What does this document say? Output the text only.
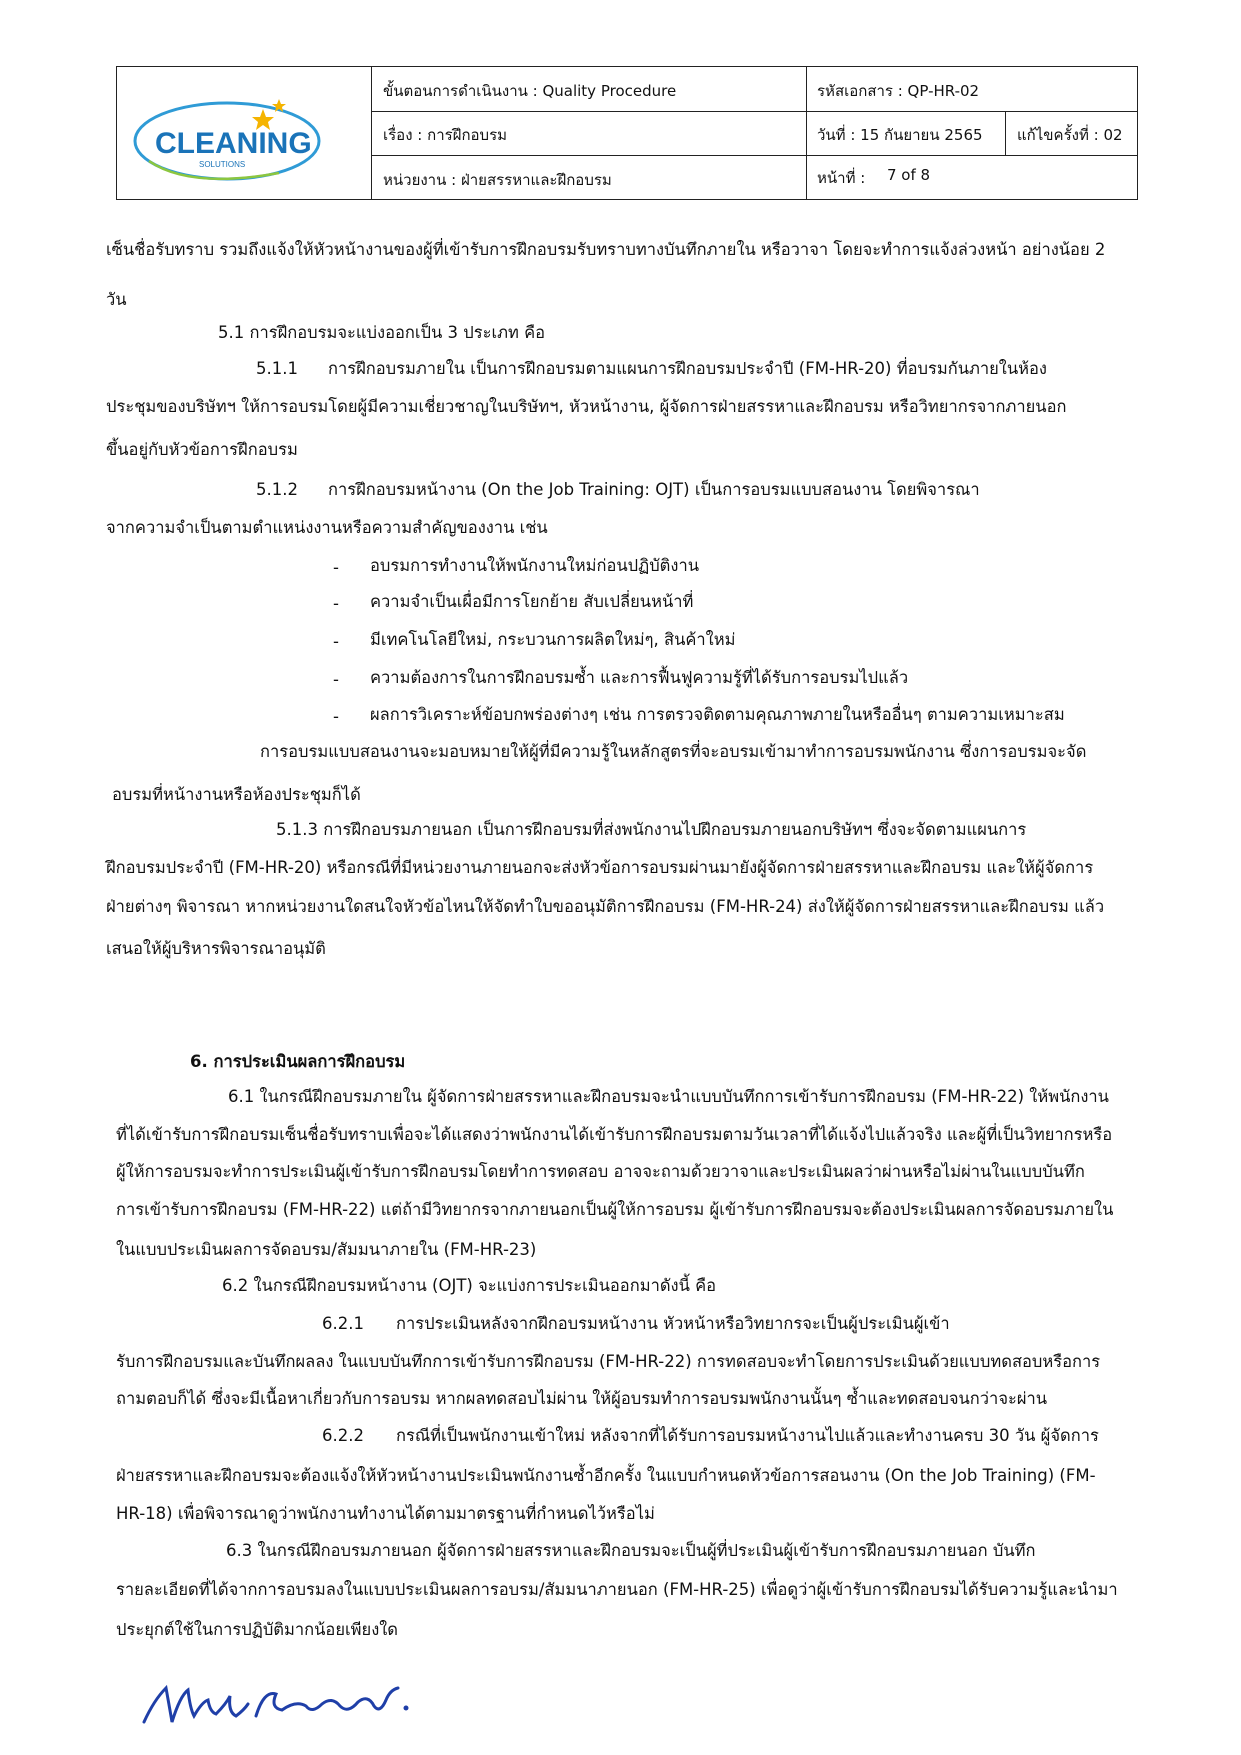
CLEANING
SOLUTIONS
ขั้นตอนการดำเนินงาน : Quality Procedure
เรื่อง : การฝึกอบรม
หน่วยงาน : ฝ่ายสรรหาและฝึกอบรม
รหัสเอกสาร : QP-HR-02
วันที่ : 15 กันยายน 2565 แก้ไขครั้งที่ : 02
หน้าที่ : 7 of 8
เซ็นชื่อรับทราบ รวมถึงแจ้งให้หัวหน้างานของผู้ที่เข้ารับการฝึกอบรมรับทราบทางบันทึกภายใน หรือวาจา โดยจะทำการแจ้งล่วงหน้า อย่างน้อย 2
วัน
5.1 การฝึกอบรมจะแบ่งออกเป็น 3 ประเภท คือ
5.1.1 การฝึกอบรมภายใน เป็นการฝึกอบรมตามแผนการฝึกอบรมประจำปี (FM-HR-20) ที่อบรมกันภายในห้อง
ประชุมของบริษัทฯ ให้การอบรมโดยผู้มีความเชี่ยวชาญในบริษัทฯ, หัวหน้างาน, ผู้จัดการฝ่ายสรรหาและฝึกอบรม หรือวิทยากรจากภายนอก
ขึ้นอยู่กับหัวข้อการฝึกอบรม
5.1.2 การฝึกอบรมหน้างาน (On the Job Training: OJT) เป็นการอบรมแบบสอนงาน โดยพิจารณา
จากความจำเป็นตามตำแหน่งงานหรือความสำคัญของงาน เช่น
- อบรมการทำงานให้พนักงานใหม่ก่อนปฏิบัติงาน
- ความจำเป็นเผื่อมีการโยกย้าย สับเปลี่ยนหน้าที่
- มีเทคโนโลยีใหม่, กระบวนการผลิตใหม่ๆ, สินค้าใหม่
- ความต้องการในการฝึกอบรมซ้ำ และการฟื้นฟูความรู้ที่ได้รับการอบรมไปแล้ว
- ผลการวิเคราะห์ข้อบกพร่องต่างๆ เช่น การตรวจติดตามคุณภาพภายในหรืออื่นๆ ตามความเหมาะสม
การอบรมแบบสอนงานจะมอบหมายให้ผู้ที่มีความรู้ในหลักสูตรที่จะอบรมเข้ามาทำการอบรมพนักงาน ซึ่งการอบรมจะจัด
อบรมที่หน้างานหรือห้องประชุมก็ได้
5.1.3 การฝึกอบรมภายนอก เป็นการฝึกอบรมที่ส่งพนักงานไปฝึกอบรมภายนอกบริษัทฯ ซึ่งจะจัดตามแผนการ
ฝึกอบรมประจำปี (FM-HR-20) หรือกรณีที่มีหน่วยงานภายนอกจะส่งหัวข้อการอบรมผ่านมายังผู้จัดการฝ่ายสรรหาและฝึกอบรม และให้ผู้จัดการ
ฝ่ายต่างๆ พิจารณา หากหน่วยงานใดสนใจหัวข้อไหนให้จัดทำใบขออนุมัติการฝึกอบรม (FM-HR-24) ส่งให้ผู้จัดการฝ่ายสรรหาและฝึกอบรม แล้ว
เสนอให้ผู้บริหารพิจารณาอนุมัติ
6. การประเมินผลการฝึกอบรม
6.1 ในกรณีฝึกอบรมภายใน ผู้จัดการฝ่ายสรรหาและฝึกอบรมจะนำแบบบันทึกการเข้ารับการฝึกอบรม (FM-HR-22) ให้พนักงาน
ที่ได้เข้ารับการฝึกอบรมเซ็นชื่อรับทราบเพื่อจะได้แสดงว่าพนักงานได้เข้ารับการฝึกอบรมตามวันเวลาที่ได้แจ้งไปแล้วจริง และผู้ที่เป็นวิทยากรหรือ
ผู้ให้การอบรมจะทำการประเมินผู้เข้ารับการฝึกอบรมโดยทำการทดสอบ อาจจะถามด้วยวาจาและประเมินผลว่าผ่านหรือไม่ผ่านในแบบบันทึก
การเข้ารับการฝึกอบรม (FM-HR-22) แต่ถ้ามีวิทยากรจากภายนอกเป็นผู้ให้การอบรม ผู้เข้ารับการฝึกอบรมจะต้องประเมินผลการจัดอบรมภายใน
ในแบบประเมินผลการจัดอบรม/สัมมนาภายใน (FM-HR-23)
6.2 ในกรณีฝึกอบรมหน้างาน (OJT) จะแบ่งการประเมินออกมาดังนี้ คือ
6.2.1 การประเมินหลังจากฝึกอบรมหน้างาน หัวหน้าหรือวิทยากรจะเป็นผู้ประเมินผู้เข้า
รับการฝึกอบรมและบันทึกผลลง ในแบบบันทึกการเข้ารับการฝึกอบรม (FM-HR-22) การทดสอบจะทำโดยการประเมินด้วยแบบทดสอบหรือการ
ถามตอบก็ได้ ซึ่งจะมีเนื้อหาเกี่ยวกับการอบรม หากผลทดสอบไม่ผ่าน ให้ผู้อบรมทำการอบรมพนักงานนั้นๆ ซ้ำและทดสอบจนกว่าจะผ่าน
6.2.2 กรณีที่เป็นพนักงานเข้าใหม่ หลังจากที่ได้รับการอบรมหน้างานไปแล้วและทำงานครบ 30 วัน ผู้จัดการ
ฝ่ายสรรหาและฝึกอบรมจะต้องแจ้งให้หัวหน้างานประเมินพนักงานซ้ำอีกครั้ง ในแบบกำหนดหัวข้อการสอนงาน (On the Job Training) (FM-
HR-18) เพื่อพิจารณาดูว่าพนักงานทำงานได้ตามมาตรฐานที่กำหนดไว้หรือไม่
6.3 ในกรณีฝึกอบรมภายนอก ผู้จัดการฝ่ายสรรหาและฝึกอบรมจะเป็นผู้ที่ประเมินผู้เข้ารับการฝึกอบรมภายนอก บันทึก
รายละเอียดที่ได้จากการอบรมลงในแบบประเมินผลการอบรม/สัมมนาภายนอก (FM-HR-25) เพื่อดูว่าผู้เข้ารับการฝึกอบรมได้รับความรู้และนำมา
ประยุกต์ใช้ในการปฏิบัติมากน้อยเพียงใด
